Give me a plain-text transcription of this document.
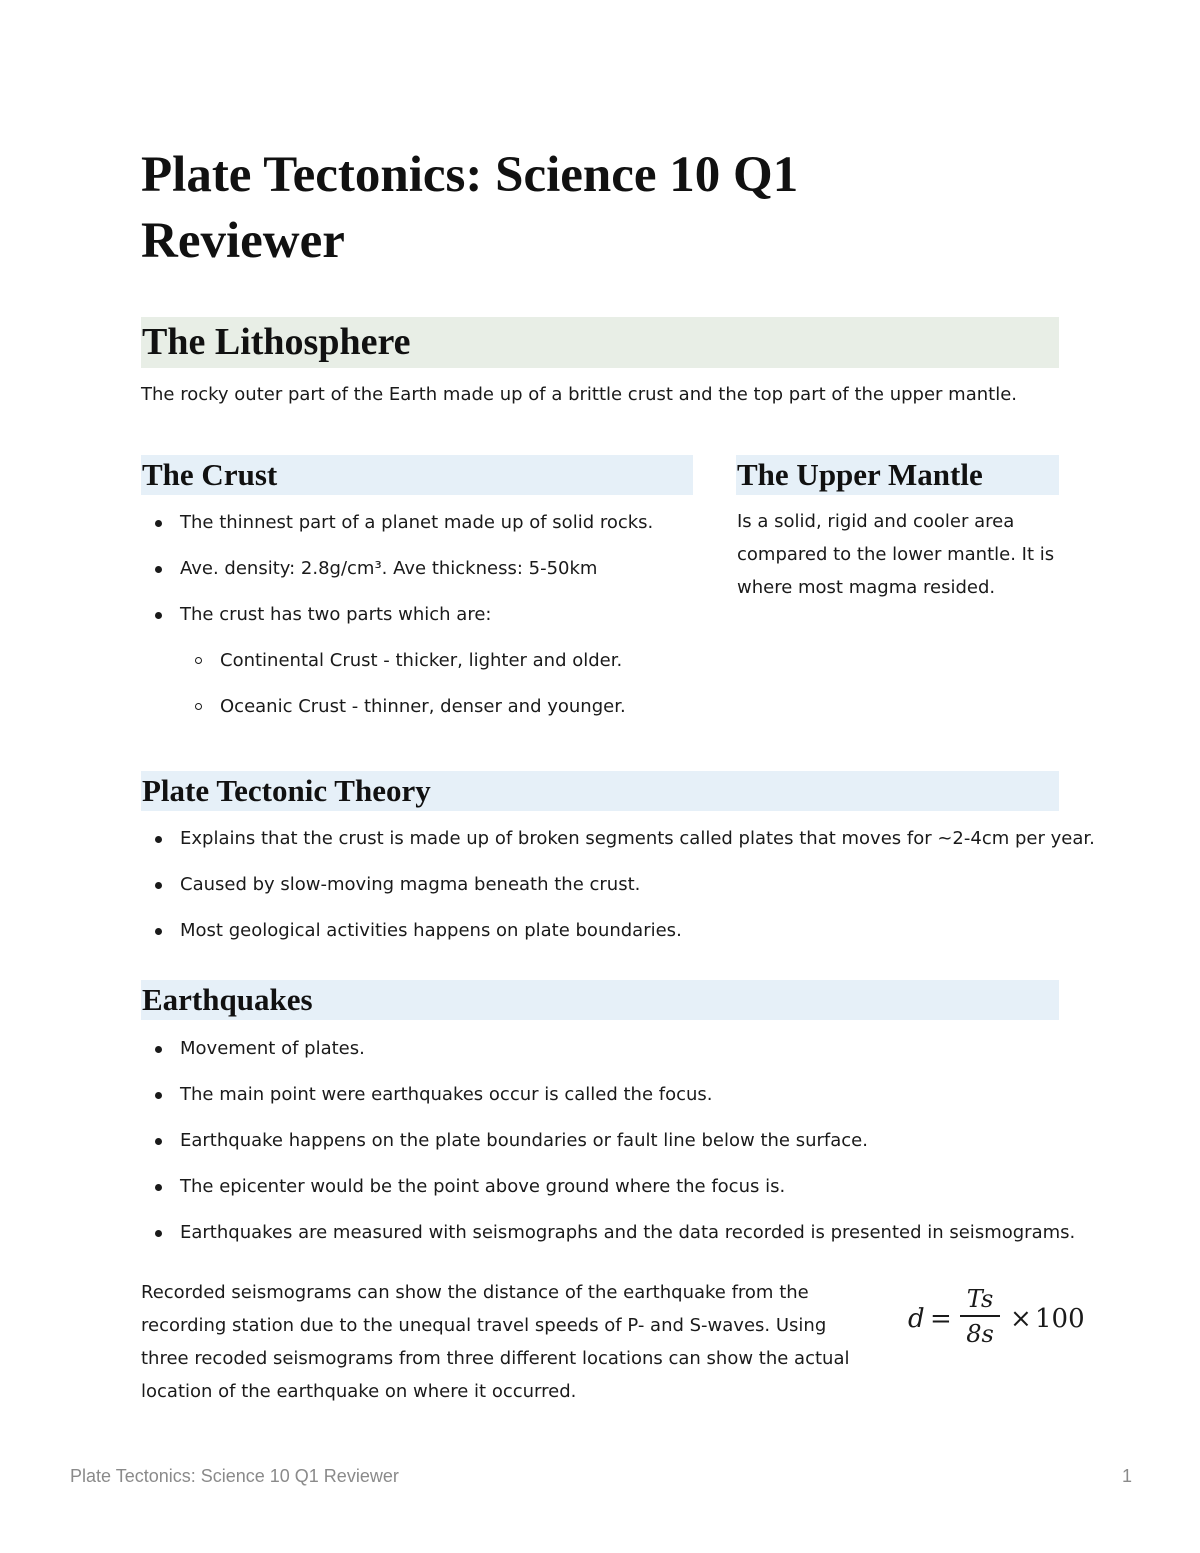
Plate Tectonics: Science 10 Q1 Reviewer
The Lithosphere

The rocky outer part of the Earth made up of a brittle crust and the top part of the upper mantle.

The Crust
The thinnest part of a planet made up of solid rocks.
Ave. density: 2.8g/cm³. Ave thickness: 5-50km
The crust has two parts which are:
Continental Crust - thicker, lighter and older.
Oceanic Crust - thinner, denser and younger.
The Upper Mantle

Is a solid, rigid and cooler area compared to the lower mantle. It is where most magma resided.

Plate Tectonic Theory
Explains that the crust is made up of broken segments called plates that moves for ~2-4cm per year.
Caused by slow-moving magma beneath the crust.
Most geological activities happens on plate boundaries.
Earthquakes
Movement of plates.
The main point were earthquakes occur is called the focus.
Earthquake happens on the plate boundaries or fault line below the surface.
The epicenter would be the point above ground where the focus is.
Earthquakes are measured with seismographs and the data recorded is presented in seismograms.

Recorded seismograms can show the distance of the earthquake from the recording station due to the unequal travel speeds of P- and S-waves. Using three recoded seismograms from three different locations can show the actual location of the earthquake on where it occurred.

d =
Ts
8s × 100
Plate Tectonics: Science 10 Q1 Reviewer	1
